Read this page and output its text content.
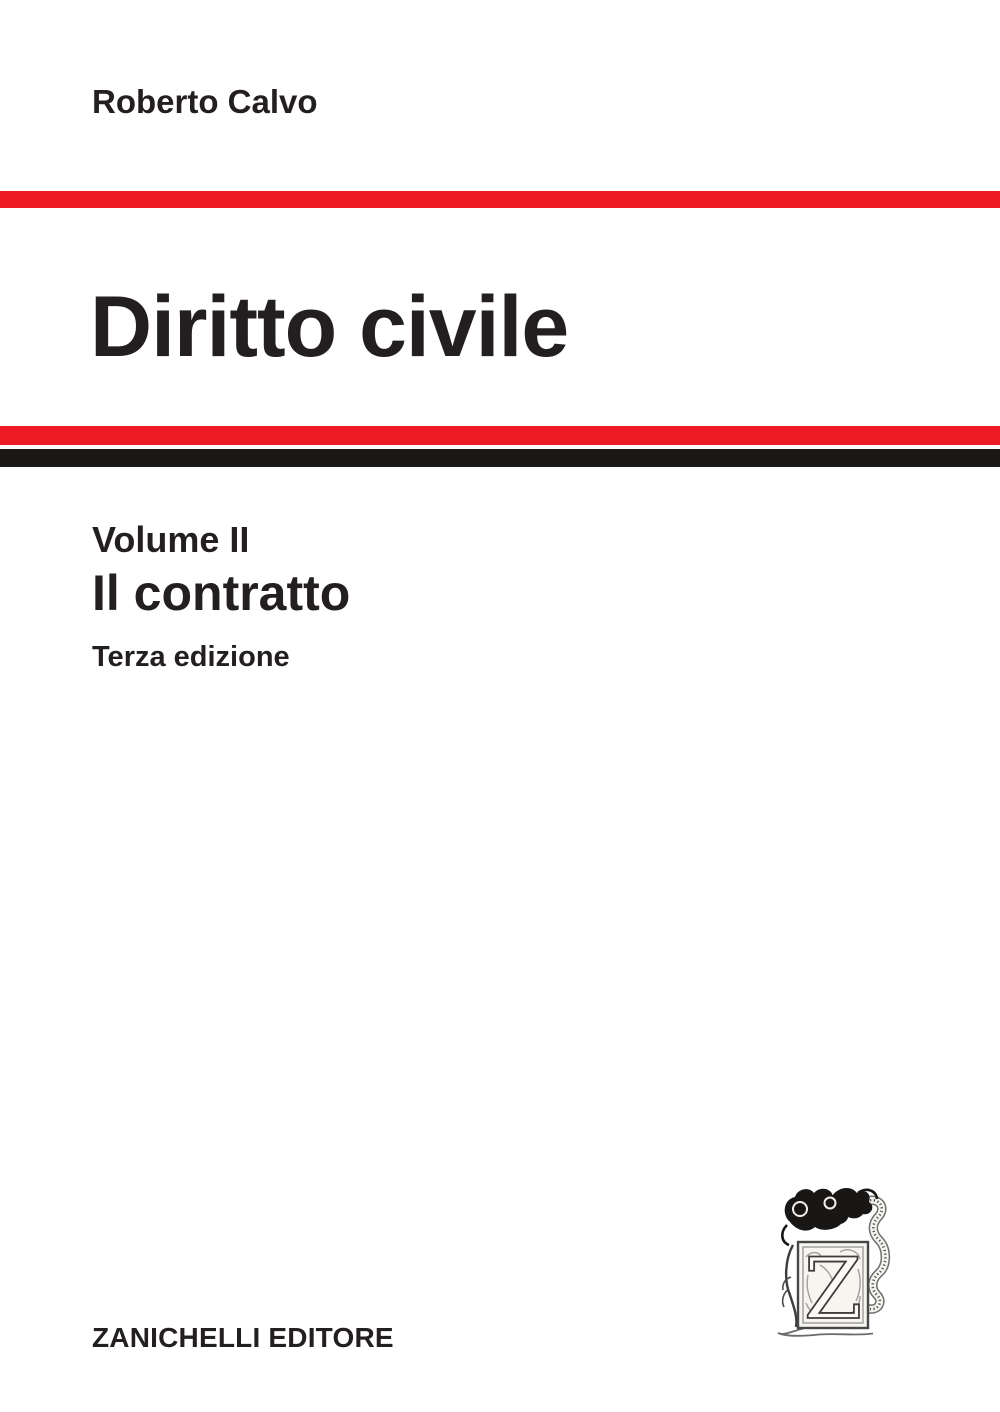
Roberto Calvo
Diritto civile
Volume II
Il contratto
Terza edizione
Z
ZANICHELLI EDITORE
